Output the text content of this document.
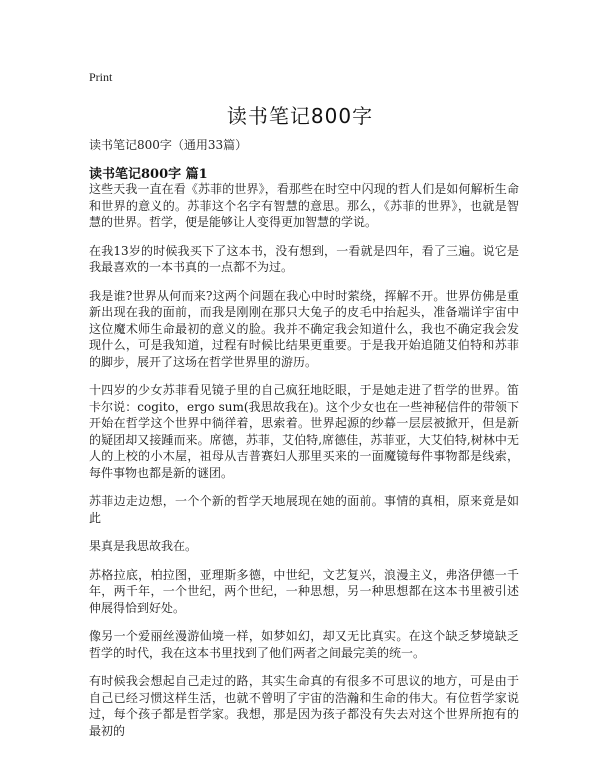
Print
读书笔记800字
读书笔记800字（通用33篇）
读书笔记800字 篇1

这些天我一直在看《苏菲的世界》，看那些在时空中闪现的哲人们是如何解析生命和世界的意义的。苏菲这个名字有智慧的意思。那么，《苏菲的世界》，也就是智慧的世界。哲学，便是能够让人变得更加智慧的学说。

在我13岁的时候我买下了这本书，没有想到，一看就是四年，看了三遍。说它是我最喜欢的一本书真的一点都不为过。

我是谁?世界从何而来?这两个问题在我心中时时萦绕，挥解不开。世界仿佛是重新出现在我的面前，而我是刚刚在那只大兔子的皮毛中抬起头，准备端详宇宙中这位魔术师生命最初的意义的脸。我并不确定我会知道什么，我也不确定我会发现什么，可是我知道，过程有时候比结果更重要。于是我开始追随艾伯特和苏菲的脚步，展开了这场在哲学世界里的游历。

十四岁的少女苏菲看见镜子里的自己疯狂地眨眼，于是她走进了哲学的世界。笛卡尔说：cogito，ergo sum(我思故我在)。这个少女也在一些神秘信件的带领下开始在哲学这个世界中徜徉着，思索着。世界起源的纱幕一层层被掀开，但是新的疑团却又接踵而来。席德，苏菲，艾伯特,席德佳，苏菲亚，大艾伯特,树林中无人的上校的小木屋，祖母从吉普赛妇人那里买来的一面魔镜每件事物都是线索，每件事物也都是新的谜团。

苏菲边走边想，一个个新的哲学天地展现在她的面前。事情的真相，原来竟是如此

果真是我思故我在。

苏格拉底，柏拉图，亚理斯多德，中世纪，文艺复兴，浪漫主义，弗洛伊德一千年，两千年，一个世纪，两个世纪，一种思想，另一种思想都在这本书里被引述伸展得恰到好处。

像另一个爱丽丝漫游仙境一样，如梦如幻，却又无比真实。在这个缺乏梦境缺乏哲学的时代，我在这本书里找到了他们两者之间最完美的统一。

有时候我会想起自己走过的路，其实生命真的有很多不可思议的地方，可是由于自己已经习惯这样生活，也就不曾明了宇宙的浩瀚和生命的伟大。有位哲学家说过，每个孩子都是哲学家。我想，那是因为孩子都没有失去对这个世界所抱有的最初的
